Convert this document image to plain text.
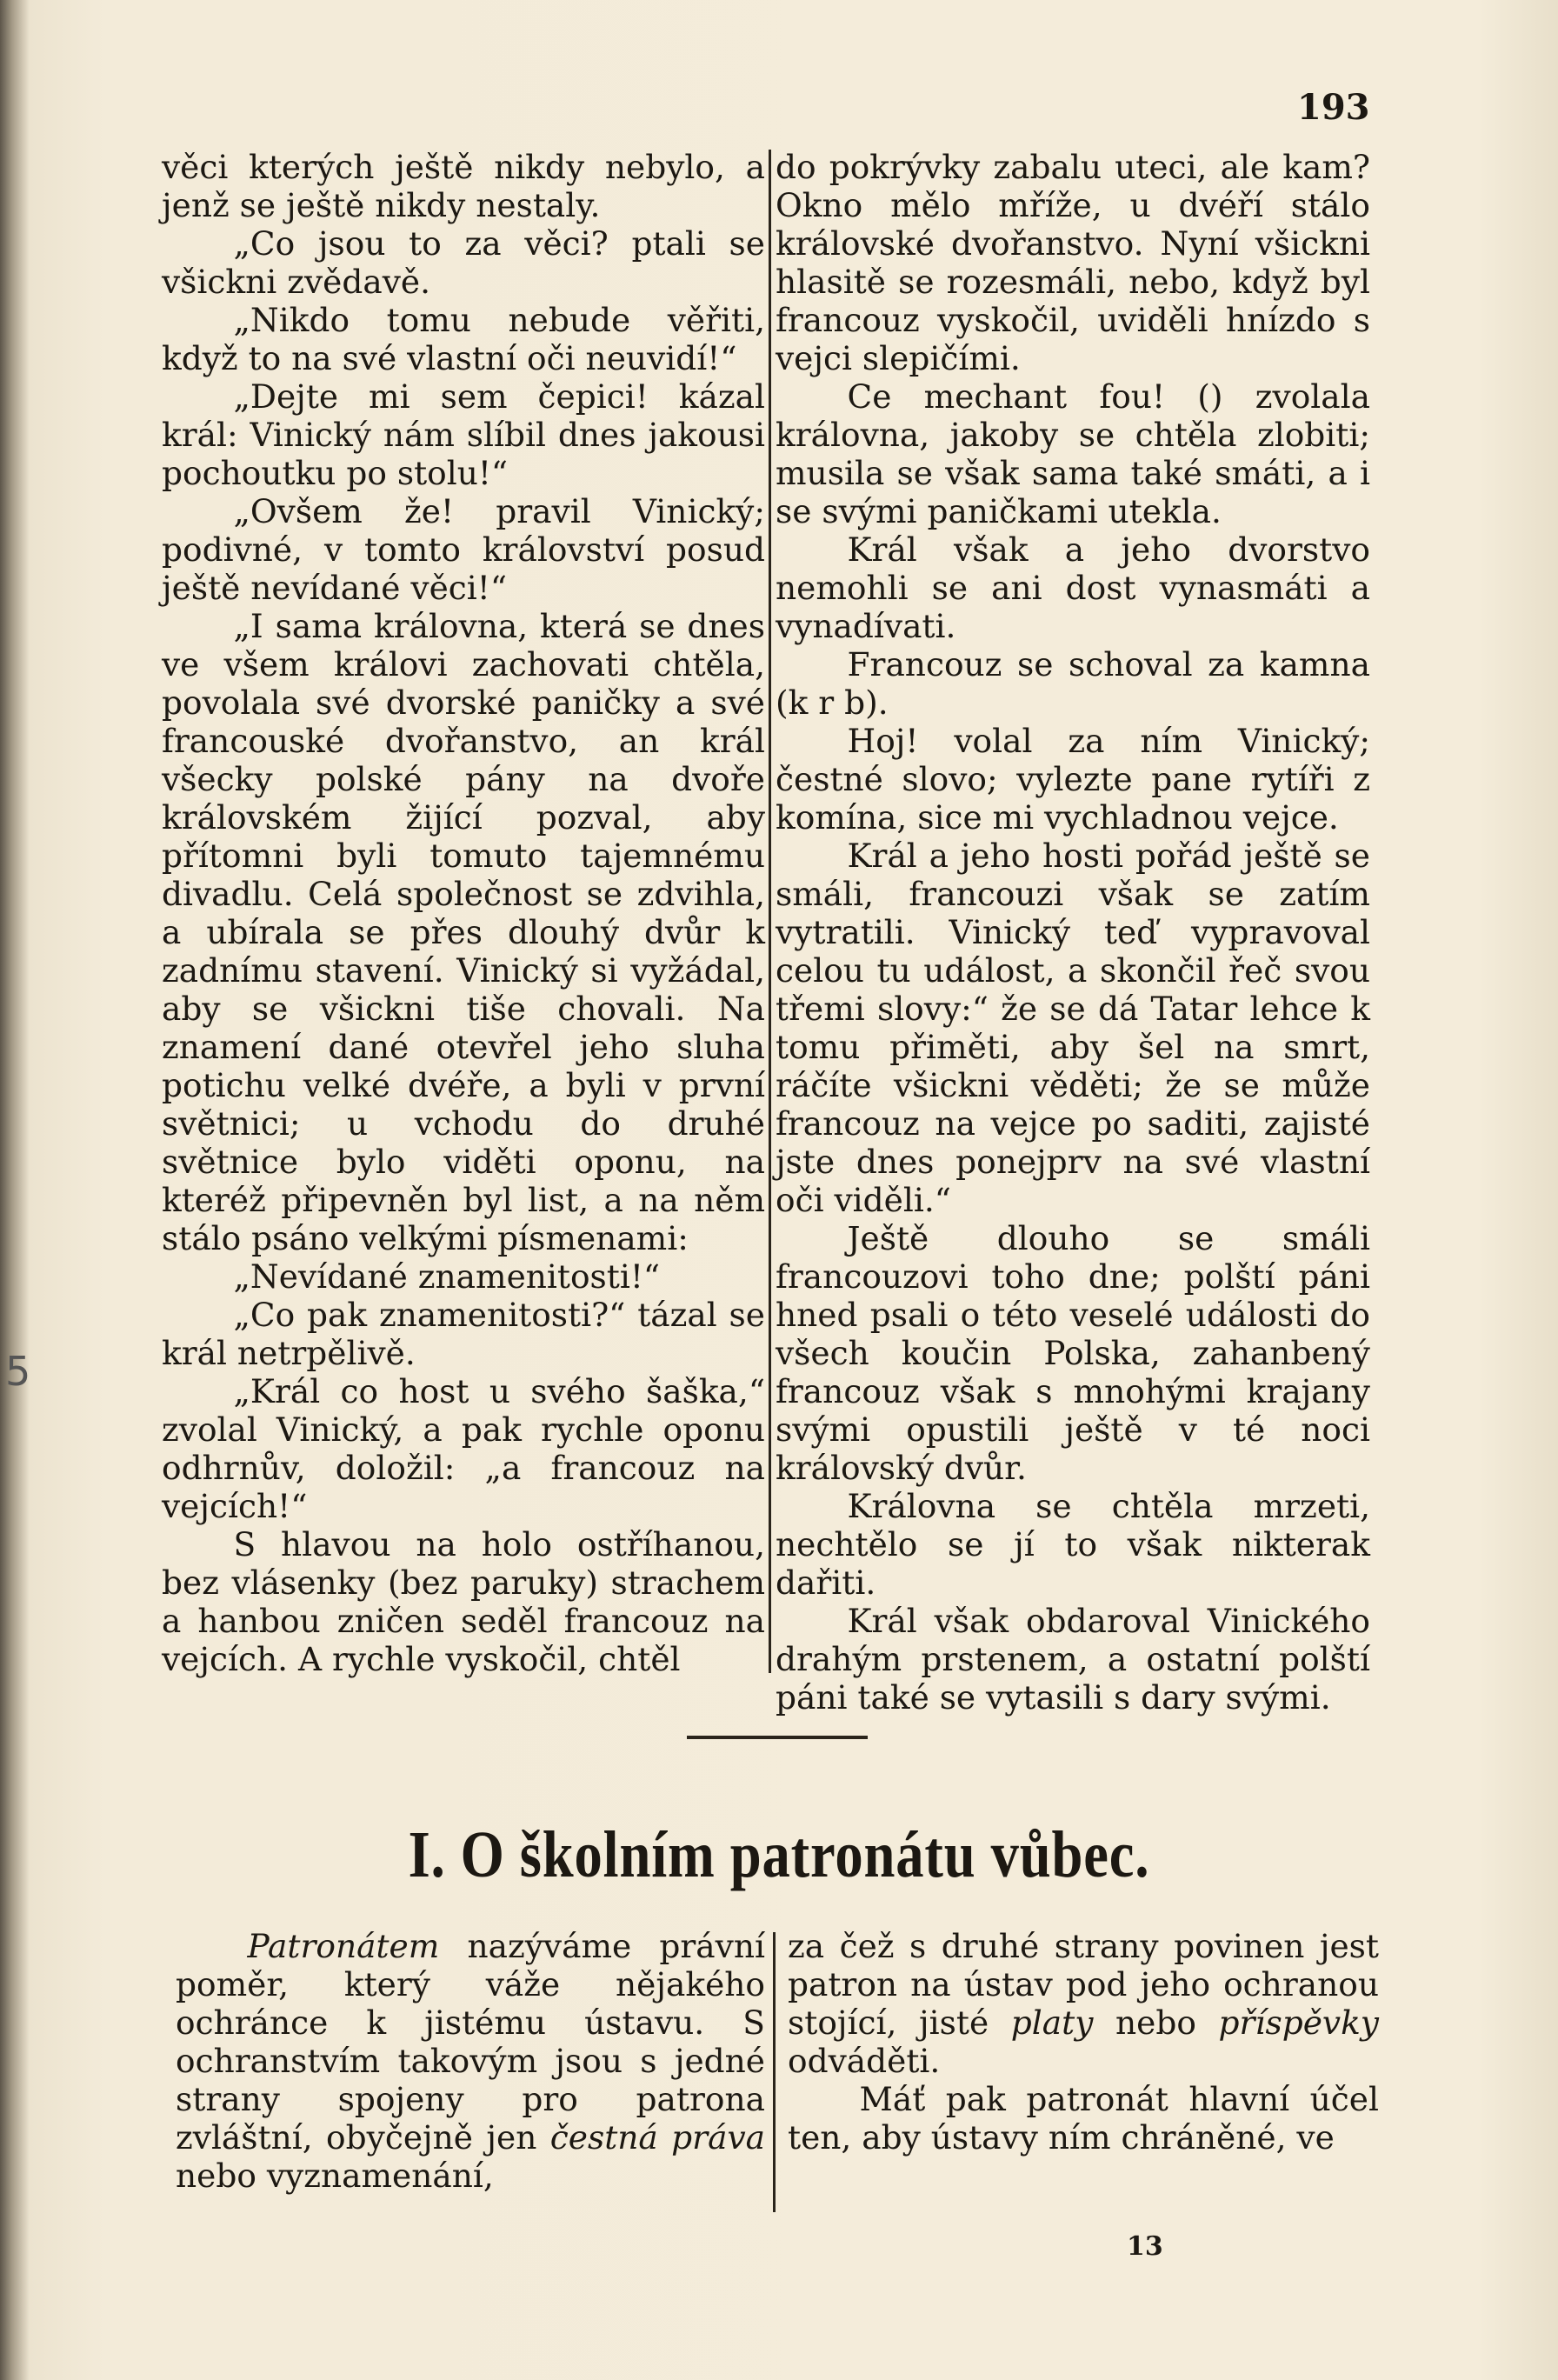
5
193

věci kterých ještě nikdy nebylo, a jenž se ještě nikdy nestaly.

„Co jsou to za věci? ptali se všickni zvědavě.

„Nikdo tomu nebude věřiti, když to na své vlastní oči neuvidí!“

„Dejte mi sem čepici! kázal král: Vinický nám slíbil dnes jakousi pochoutku po stolu!“

„Ovšem že! pravil Vinický; podivné, v tomto království posud ještě nevídané věci!“

„I sama královna, která se dnes ve všem královi zachovati chtěla, povolala své dvorské paničky a své francouské dvořanstvo, an král všecky polské pány na dvoře královském žijící pozval, aby přítomni byli tomuto tajemnému divadlu. Celá společnost se zdvihla, a ubírala se přes dlouhý dvůr k zadnímu stavení. Vinický si vyžádal, aby se všickni tiše chovali. Na znamení dané otevřel jeho sluha potichu velké dvéře, a byli v první světnici; u vchodu do druhé světnice bylo viděti oponu, na kteréž připevněn byl list, a na něm stálo psáno velkými písmenami:

„Nevídané znamenitosti!“

„Co pak znamenitosti?“ tázal se král netrpělivě.

„Král co host u svého šaška,“ zvolal Vinický, a pak rychle oponu odhrnův, doložil: „a francouz na vejcích!“

S hlavou na holo ostříhanou, bez vlásenky (bez paruky) strachem a hanbou zničen seděl francouz na vejcích. A rychle vyskočil, chtěl

do pokrývky zabalu uteci, ale kam? Okno mělo mříže, u dvéří stálo královské dvořanstvo. Nyní všickni hlasitě se rozesmáli, nebo, když byl francouz vyskočil, uviděli hnízdo s vejci slepičími.

Ce mechant fou! () zvolala královna, jakoby se chtěla zlobiti; musila se však sama také smáti, a i se svými paničkami utekla.

Král však a jeho dvorstvo nemohli se ani dost vynasmáti a vynadívati.

Francouz se schoval za kamna (k r b).

Hoj! volal za ním Vinický; čestné slovo; vylezte pane rytíři z komína, sice mi vychladnou vejce.

Král a jeho hosti pořád ještě se smáli, francouzi však se zatím vytratili. Vinický teď vypravoval celou tu událost, a skončil řeč svou třemi slovy:“ že se dá Tatar lehce k tomu přiměti, aby šel na smrt, ráčíte všickni věděti; že se může francouz na vejce po saditi, zajisté jste dnes ponejprv na své vlastní oči viděli.“

Ještě dlouho se smáli francouzovi toho dne; polští páni hned psali o této veselé události do všech koučin Polska, zahanbený francouz však s mnohými krajany svými opustili ještě v té noci královský dvůr.

Královna se chtěla mrzeti, nechtělo se jí to však nikterak dařiti.

Král však obdaroval Vinického drahým prstenem, a ostatní polští páni také se vytasili s dary svými.

I. O školním patronátu vůbec.

Patronátem nazýváme právní poměr, který váže nějakého ochránce k jistému ústavu. S ochranstvím takovým jsou s jedné strany spojeny pro patrona zvláštní, obyčejně jen čestná práva nebo vyznamenání,

za čež s druhé strany povinen jest patron na ústav pod jeho ochranou stojící, jisté platy nebo příspěvky odváděti.

Máť pak patronát hlavní účel ten, aby ústavy ním chráněné, ve

13
